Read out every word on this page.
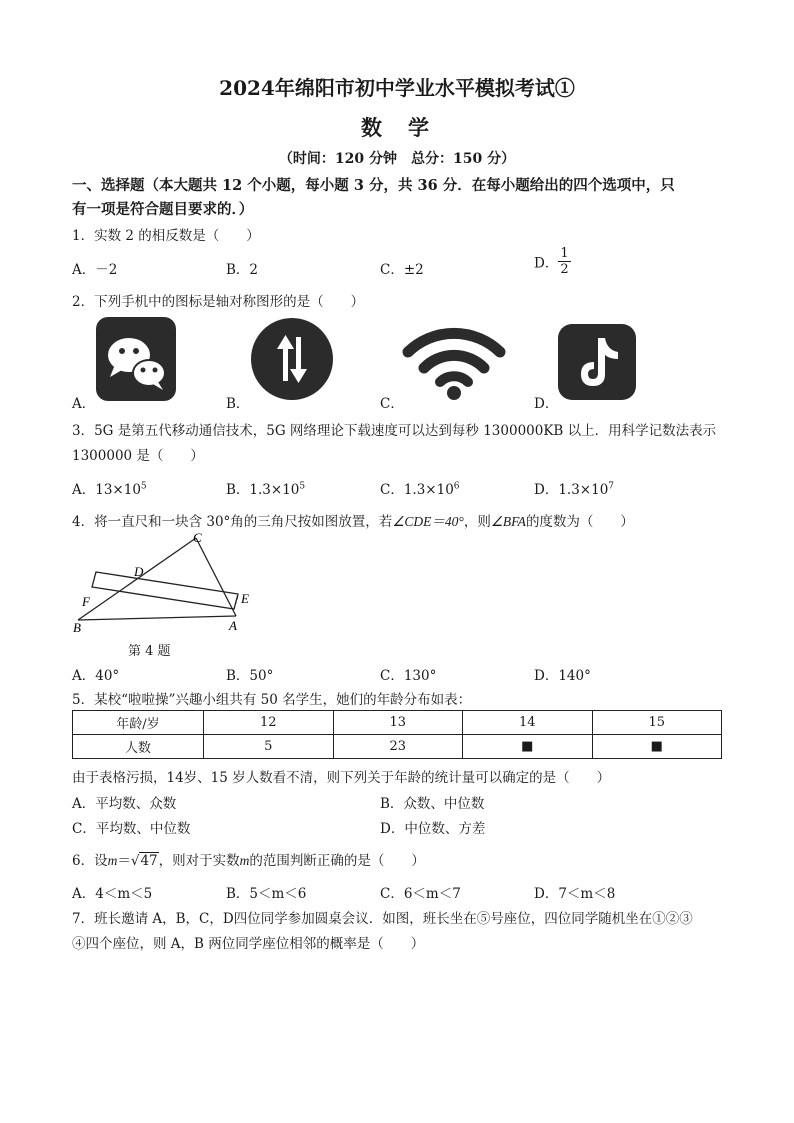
2024年绵阳市初中学业水平模拟考试①
数 学
（时间：120 分钟　总分：150 分）
一、选择题（本大题共 12 个小题，每小题 3 分，共 36 分．在每小题给出的四个选项中，只
有一项是符合题目要求的．）
1．实数 2 的相反数是（　　）
A．－2	B．2	C．±2	D． $\frac{1}{2}$
2．下列手机中的图标是轴对称图形的是（　　）
A．	B．	C．	D．
3．5G 是第五代移动通信技术，5G 网络理论下载速度可以达到每秒 1300000KB 以上．用科学记数法表示
1300000 是（　　）
A．$13\times 10^5$	B．$1.3\times 10^5$	C．$1.3\times 10^6$	D．$1.3\times 10^7$
4．将一直尺和一块含 30°角的三角尺按如图放置，若∠CDE＝40°，则∠BFA的度数为（　　）
C
D
E
F
B	A
第 4 题
A．40°	B．50°	C．130°	D．140°
5．某校“啦啦操”兴趣小组共有 50 名学生，她们的年龄分布如表：
年龄/岁	12	13	14	15
人数	5	23	■	■
由于表格污损，14岁、15 岁人数看不清，则下列关于年龄的统计量可以确定的是（　　）
A．平均数、众数	B．众数、中位数
C．平均数、中位数	D．中位数、方差
6．设m＝√47，则对于实数m的范围判断正确的是（　　）
A．4＜m＜5	B．5＜m＜6	C．6＜m＜7	D．7＜m＜8
7．班长邀请 A，B，C，D四位同学参加圆桌会议．如图，班长坐在⑤号座位，四位同学随机坐在①②③
④四个座位，则 A，B 两位同学座位相邻的概率是（　　）
